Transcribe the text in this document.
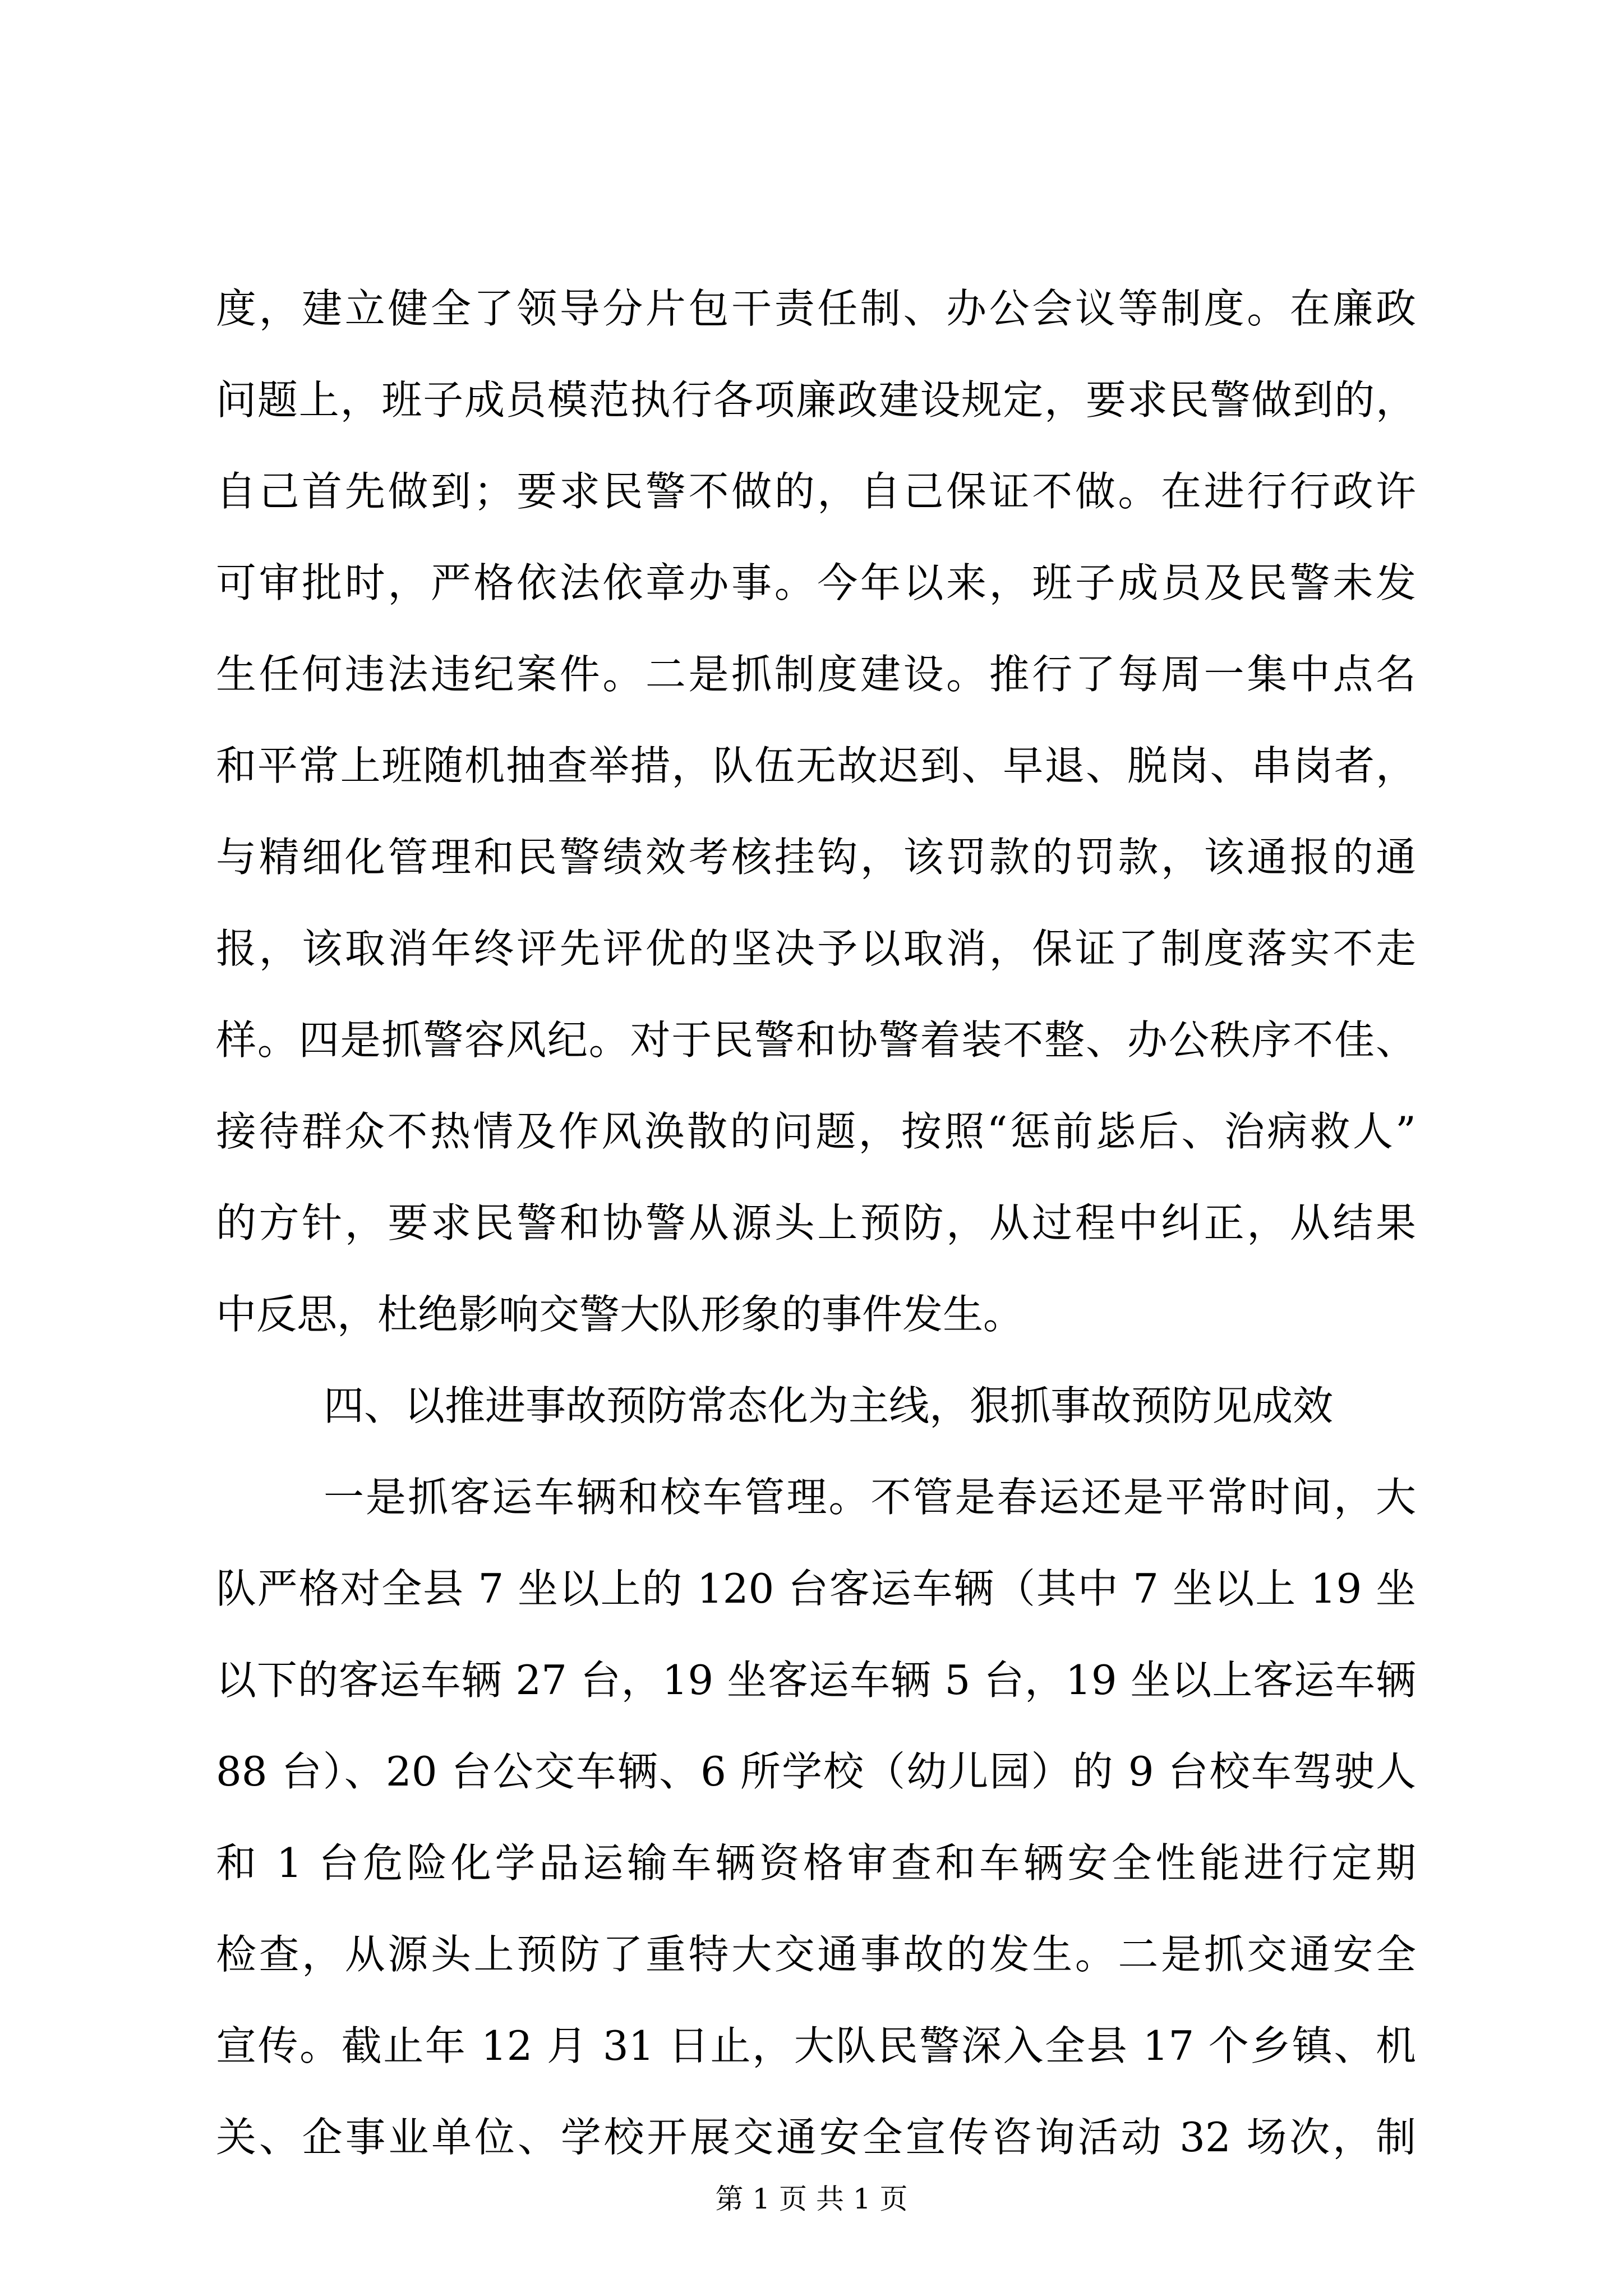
度，建立健全了领导分片包干责任制、办公会议等制度。在廉政
问题上，班子成员模范执行各项廉政建设规定，要求民警做到的，
自己首先做到；要求民警不做的，自己保证不做。在进行行政许
可审批时，严格依法依章办事。今年以来，班子成员及民警未发
生任何违法违纪案件。二是抓制度建设。推行了每周一集中点名
和平常上班随机抽查举措，队伍无故迟到、早退、脱岗、串岗者，
与精细化管理和民警绩效考核挂钩，该罚款的罚款，该通报的通
报，该取消年终评先评优的坚决予以取消，保证了制度落实不走
样。四是抓警容风纪。对于民警和协警着装不整、办公秩序不佳、
接待群众不热情及作风涣散的问题，按照“惩前毖后、治病救人”
的方针，要求民警和协警从源头上预防，从过程中纠正，从结果
中反思，杜绝影响交警大队形象的事件发生。
四、以推进事故预防常态化为主线，狠抓事故预防见成效
一是抓客运车辆和校车管理。不管是春运还是平常时间，大
队严格对全县 7 坐以上的 120 台客运车辆（其中 7 坐以上 19 坐
以下的客运车辆 27 台，19 坐客运车辆 5 台，19 坐以上客运车辆
88 台）、20 台公交车辆、6 所学校（幼儿园）的 9 台校车驾驶人
和 1 台危险化学品运输车辆资格审查和车辆安全性能进行定期
检查，从源头上预防了重特大交通事故的发生。二是抓交通安全
宣传。截止年 12 月 31 日止，大队民警深入全县 17 个乡镇、机
关、企事业单位、学校开展交通安全宣传咨询活动 32 场次，制
第 1 页 共 1 页
